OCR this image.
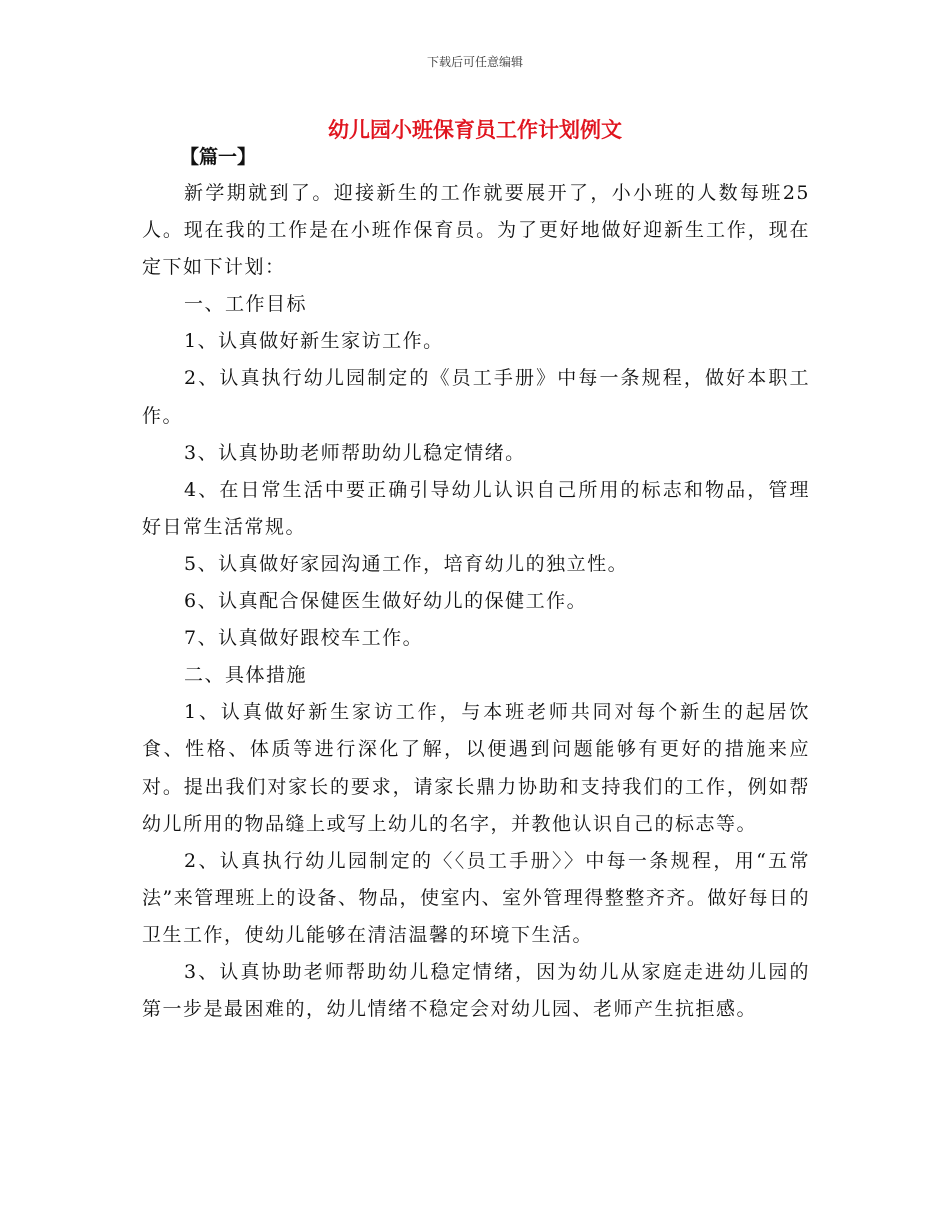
下载后可任意编辑
幼儿园小班保育员工作计划例文
【篇一】

新学期就到了。迎接新生的工作就要展开了，小小班的人数每班25人。现在我的工作是在小班作保育员。为了更好地做好迎新生工作，现在定下如下计划：

一、工作目标

1、认真做好新生家访工作。

2、认真执行幼儿园制定的《员工手册》中每一条规程，做好本职工作。

3、认真协助老师帮助幼儿稳定情绪。

4、在日常生活中要正确引导幼儿认识自己所用的标志和物品，管理好日常生活常规。

5、认真做好家园沟通工作，培育幼儿的独立性。

6、认真配合保健医生做好幼儿的保健工作。

7、认真做好跟校车工作。

二、具体措施

1、认真做好新生家访工作，与本班老师共同对每个新生的起居饮食、性格、体质等进行深化了解，以便遇到问题能够有更好的措施来应对。提出我们对家长的要求，请家长鼎力协助和支持我们的工作，例如帮幼儿所用的物品缝上或写上幼儿的名字，并教他认识自己的标志等。

2、认真执行幼儿园制定的〈〈员工手册〉〉中每一条规程，用“五常法”来管理班上的设备、物品，使室内、室外管理得整整齐齐。做好每日的卫生工作，使幼儿能够在清洁温馨的环境下生活。

3、认真协助老师帮助幼儿稳定情绪，因为幼儿从家庭走进幼儿园的第一步是最困难的，幼儿情绪不稳定会对幼儿园、老师产生抗拒感。
